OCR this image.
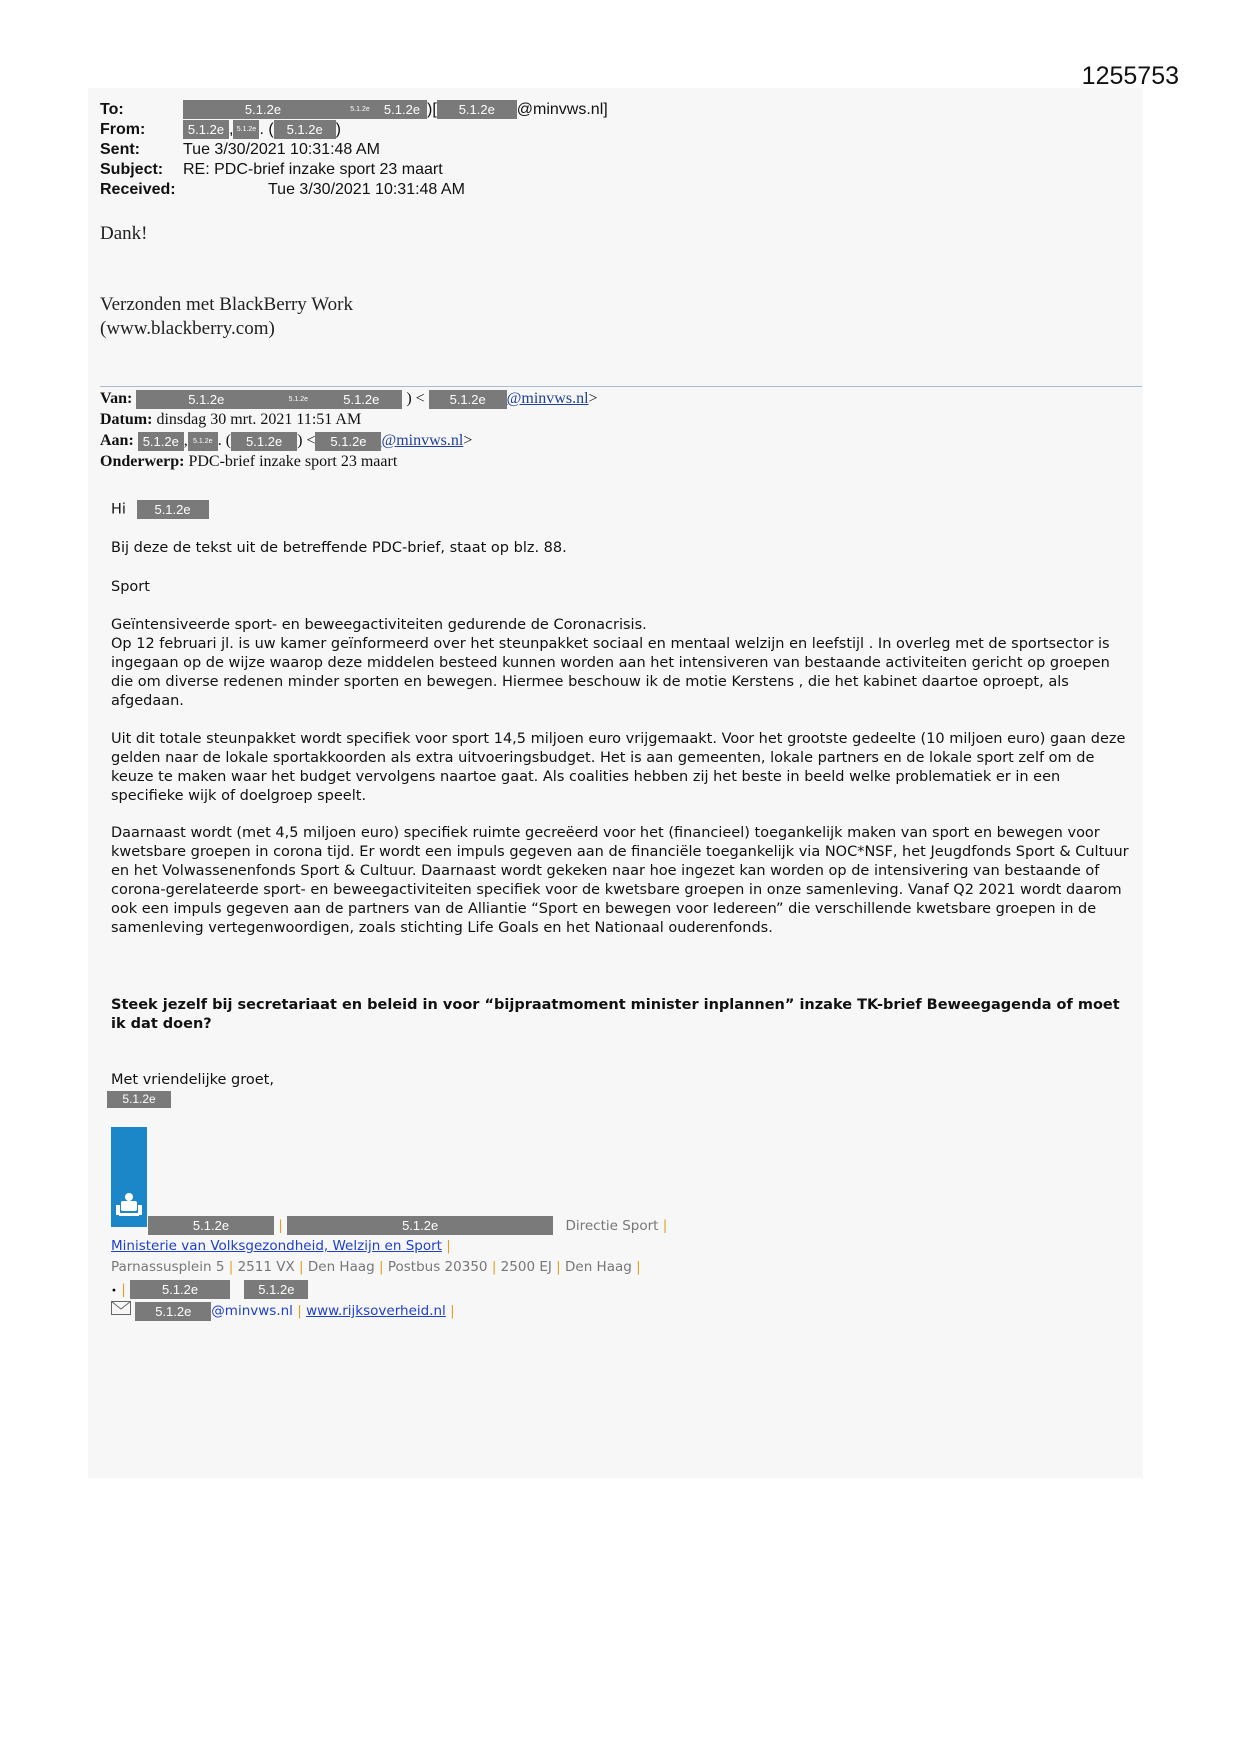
1255753
To:	5.1.2e	5.1.2e 5.1.2e )[ 5.1.2e @minvws.nl]
From:	5.1.2e , 5.1.2e . ( 5.1.2e )
Sent:	Tue 3/30/2021 10:31:48 AM
Subject: RE: PDC-brief inzake sport 23 maart
Received:	Tue 3/30/2021 10:31:48 AM
Dank!
Verzonden met BlackBerry Work
(www.blackberry.com)
Van:	5.1.2e	5.1.2e	5.1.2e ) < 5.1.2e @minvws.nl>
Datum: dinsdag 30 mrt. 2021 11:51 AM
Aan: 5.1.2e , 5.1.2e . ( 5.1.2e ) < 5.1.2e @minvws.nl>
Onderwerp: PDC-brief inzake sport 23 maart
Hi 5.1.2e
Bij deze de tekst uit de betreffende PDC-brief, staat op blz. 88.
Sport
Geïntensiveerde sport- en beweegactiviteiten gedurende de Coronacrisis.
Op 12 februari jl. is uw kamer geïnformeerd over het steunpakket sociaal en mentaal welzijn en leefstijl . In overleg met de sportsector is ingegaan op de wijze waarop deze middelen besteed kunnen worden aan het intensiveren van bestaande activiteiten gericht op groepen die om diverse redenen minder sporten en bewegen. Hiermee beschouw ik de motie Kerstens , die het kabinet daartoe oproept, als afgedaan.
Uit dit totale steunpakket wordt specifiek voor sport 14,5 miljoen euro vrijgemaakt. Voor het grootste gedeelte (10 miljoen euro) gaan deze gelden naar de lokale sportakkoorden als extra uitvoeringsbudget. Het is aan gemeenten, lokale partners en de lokale sport zelf om de keuze te maken waar het budget vervolgens naartoe gaat. Als coalities hebben zij het beste in beeld welke problematiek er in een specifieke wijk of doelgroep speelt.
Daarnaast wordt (met 4,5 miljoen euro) specifiek ruimte gecreëerd voor het (financieel) toegankelijk maken van sport en bewegen voor kwetsbare groepen in corona tijd. Er wordt een impuls gegeven aan de financiële toegankelijk via NOC*NSF, het Jeugdfonds Sport & Cultuur en het Volwassenenfonds Sport & Cultuur. Daarnaast wordt gekeken naar hoe ingezet kan worden op de intensivering van bestaande of corona-gerelateerde sport- en beweegactiviteiten specifiek voor de kwetsbare groepen in onze samenleving. Vanaf Q2 2021 wordt daarom ook een impuls gegeven aan de partners van de Alliantie “Sport en bewegen voor Iedereen” die verschillende kwetsbare groepen in de samenleving vertegenwoordigen, zoals stichting Life Goals en het Nationaal ouderenfonds.
Steek jezelf bij secretariaat en beleid in voor “bijpraatmoment minister inplannen” inzake TK-brief Beweegagenda of moet ik dat doen?
Met vriendelijke groet,
5.1.2e
5.1.2e	|	5.1.2e	Directie Sport |
Ministerie van Volksgezondheid, Welzijn en Sport |
Parnassusplein 5 | 2511 VX | Den Haag | Postbus 20350 | 2500 EJ | Den Haag |
• |	5.1.2e	5.1.2e
5.1.2e @minvws.nl | www.rijksoverheid.nl |
